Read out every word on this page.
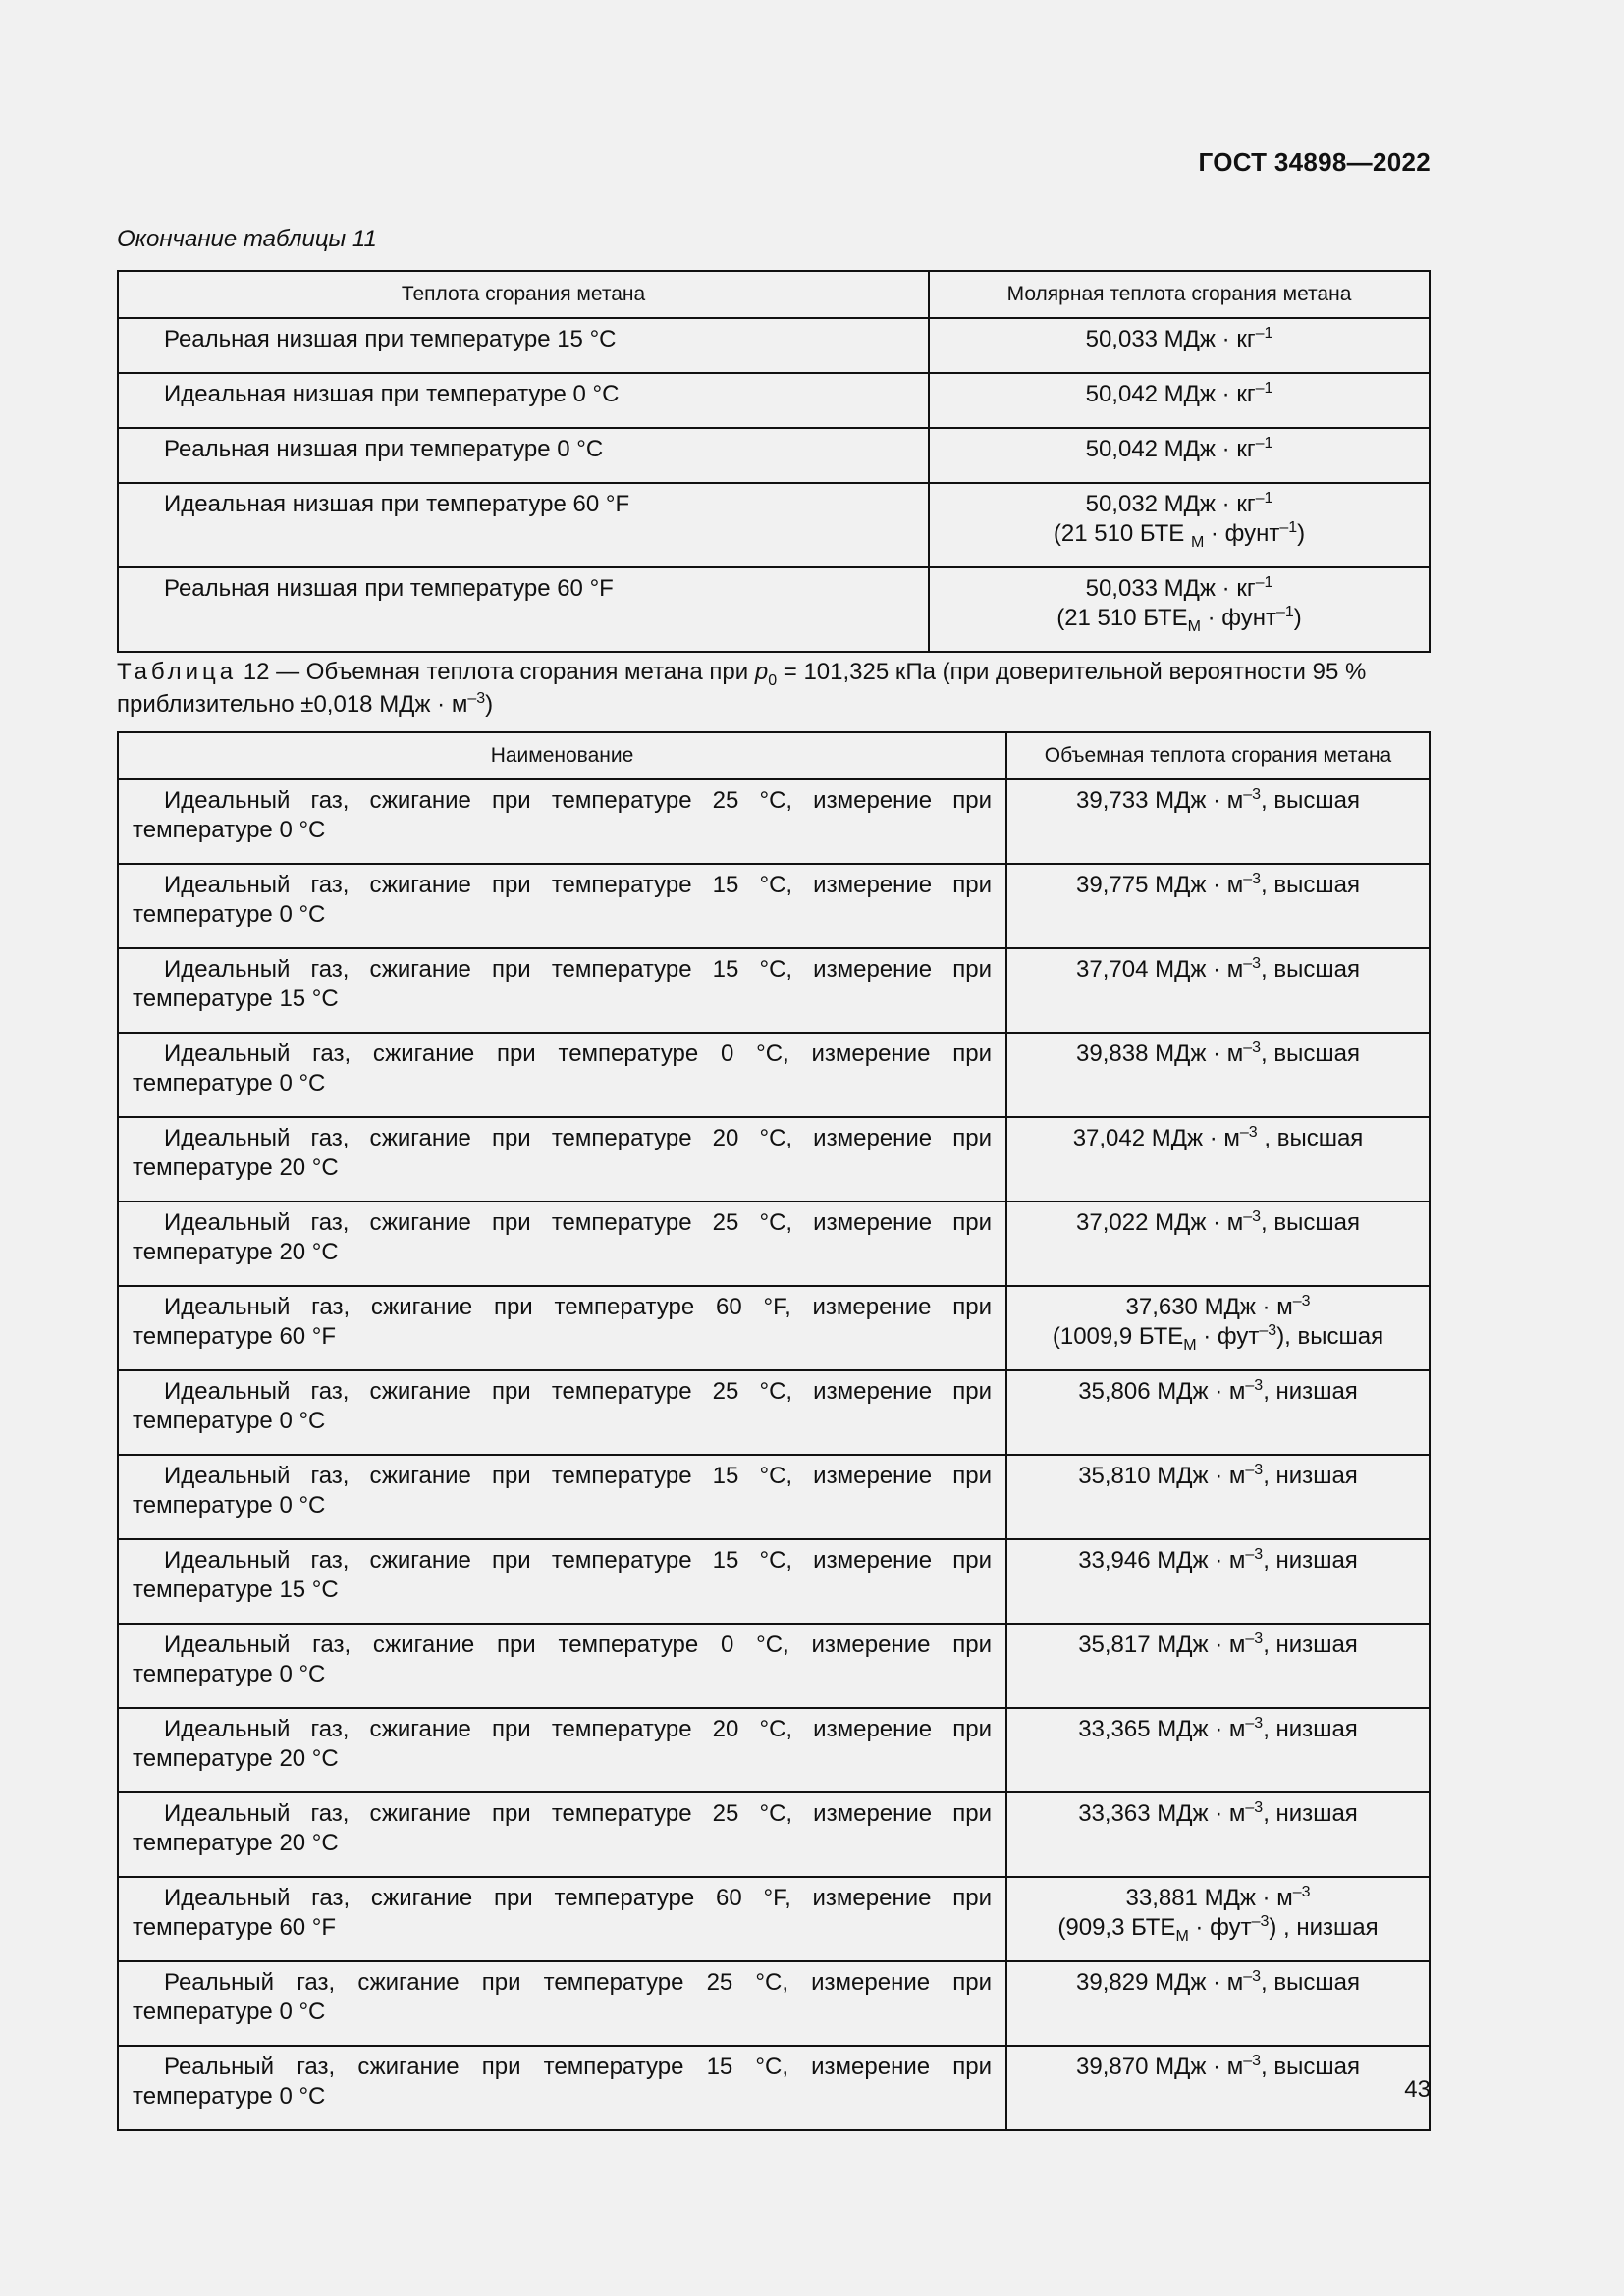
ГОСТ 34898—2022
Окончание таблицы 11
Теплота сгорания метана	Молярная теплота сгорания метана
Реальная низшая при температуре 15 °C	50,033 МДж · $кг^{-1}$
Идеальная низшая при температуре 0 °C	50,042 МДж · $кг^{-1}$
Реальная низшая при температуре 0 °C	50,042 МДж · $кг^{-1}$
Идеальная низшая при температуре 60 °F	50,032 МДж · $кг^{-1}$
(21 510 БТЕ $_М$ · фунт$^{-1}$)
Реальная низшая при температуре 60 °F	50,033 МДж · $кг^{-1}$
(21 510 $БТЕ_М$ · фунт$^{-1}$)
Таблица 12 — Объемная теплота сгорания метана при $p_0 = 101,325$ кПа (при доверительной вероятности 95 % приблизительно ±0,018 МДж · $м^{-3}$)
Наименование	Объемная теплота сгорания метана
Идеальный газ, сжигание при температуре 25 °C, измерение при температуре 0 °C	39,733 МДж · $м^{-3}$, высшая
Идеальный газ, сжигание при температуре 15 °C, измерение при температуре 0 °C	39,775 МДж · $м^{-3}$, высшая
Идеальный газ, сжигание при температуре 15 °C, измерение при температуре 15 °C	37,704 МДж · $м^{-3}$, высшая
Идеальный газ, сжигание при температуре 0 °C, измерение при температуре 0 °C	39,838 МДж · $м^{-3}$, высшая
Идеальный газ, сжигание при температуре 20 °C, измерение при температуре 20 °C	37,042 МДж · $м^{-3}$ , высшая
Идеальный газ, сжигание при температуре 25 °C, измерение при температуре 20 °C	37,022 МДж · $м^{-3}$, высшая
Идеальный газ, сжигание при температуре 60 °F, измерение при температуре 60 °F	37,630 МДж · $м^{-3}$
(1009,9 $БТЕ_М \cdot фут^{-3}$), высшая
Идеальный газ, сжигание при температуре 25 °C, измерение при температуре 0 °C	35,806 МДж · $м^{-3}$, низшая
Идеальный газ, сжигание при температуре 15 °C, измерение при температуре 0 °C	35,810 МДж · $м^{-3}$, низшая
Идеальный газ, сжигание при температуре 15 °C, измерение при температуре 15 °C	33,946 МДж · $м^{-3}$, низшая
Идеальный газ, сжигание при температуре 0 °C, измерение при температуре 0 °C	35,817 МДж · $м^{-3}$, низшая
Идеальный газ, сжигание при температуре 20 °C, измерение при температуре 20 °C	33,365 МДж · $м^{-3}$, низшая
Идеальный газ, сжигание при температуре 25 °C, измерение при температуре 20 °C	33,363 МДж · $м^{-3}$, низшая
Идеальный газ, сжигание при температуре 60 °F, измерение при температуре 60 °F	33,881 МДж · $м^{-3}$
(909,3 $БТЕ_М \cdot фут^{-3}$) , низшая
Реальный газ, сжигание при температуре 25 °C, измерение при температуре 0 °C	39,829 МДж · $м^{-3}$, высшая
Реальный газ, сжигание при температуре 15 °C, измерение при температуре 0 °C	39,870 МДж · $м^{-3}$, высшая
43
